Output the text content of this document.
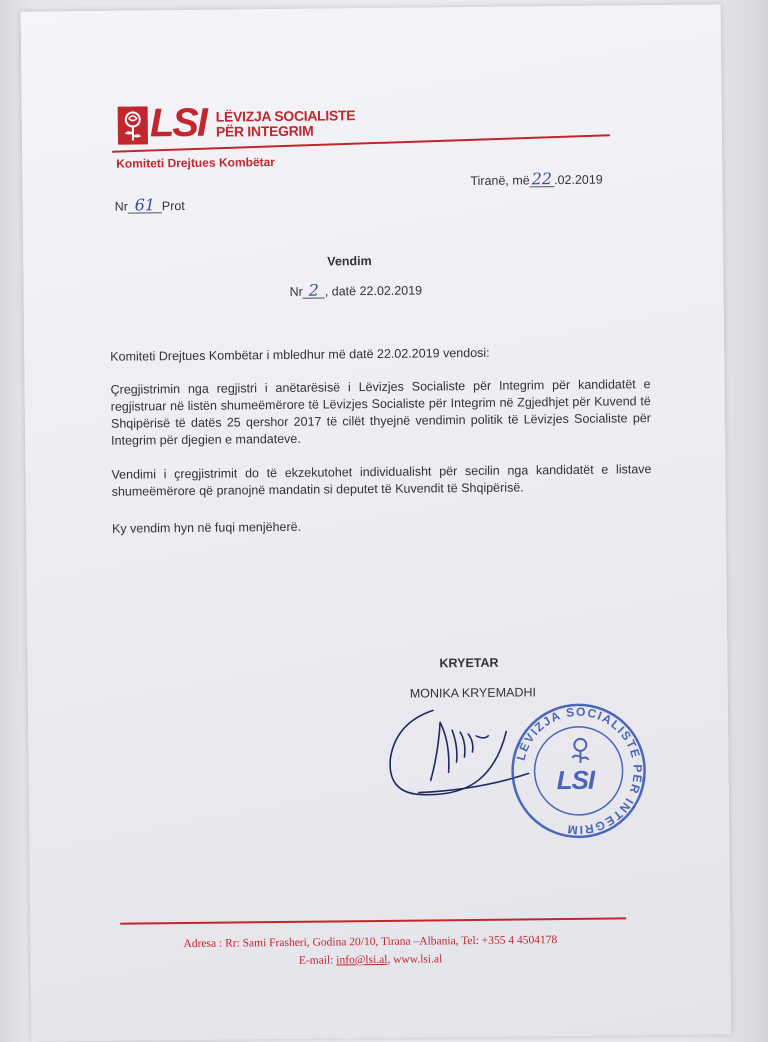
LSI LËVIZJA SOCIALISTE
PËR INTEGRIM
Komiteti Drejtues Kombëtar
Tiranë, më 22 .02.2019
Nr 61 Prot
Vendim
Nr 2 , datë 22.02.2019
Komiteti Drejtues Kombëtar i mbledhur më datë 22.02.2019 vendosi:
Çregjistrimin nga regjistri i anëtarësisë i Lëvizjes Socialiste për Integrim për kandidatët e regjistruar në listën shumeëmërore të Lëvizjes Socialiste për Integrim në Zgjedhjet për Kuvend të Shqipërisë të datës 25 qershor 2017 të cilët thyejnë vendimin politik të Lëvizjes Socialiste për Integrim për djegien e mandateve.
Vendimi i çregjistrimit do të ekzekutohet individualisht për secilin nga kandidatët e listave shumeëmërore që pranojnë mandatin si deputet të Kuvendit të Shqipërisë.
Ky vendim hyn në fuqi menjëherë.
KRYETAR
MONIKA KRYEMADHI
LËVIZJA SOCIALISTE PËR INTEGRIM
LSI
Adresa : Rr: Sami Frasheri, Godina 20/10, Tirana –Albania, Tel: +355 4 4504178
E-mail: info@lsi.al, www.lsi.al
